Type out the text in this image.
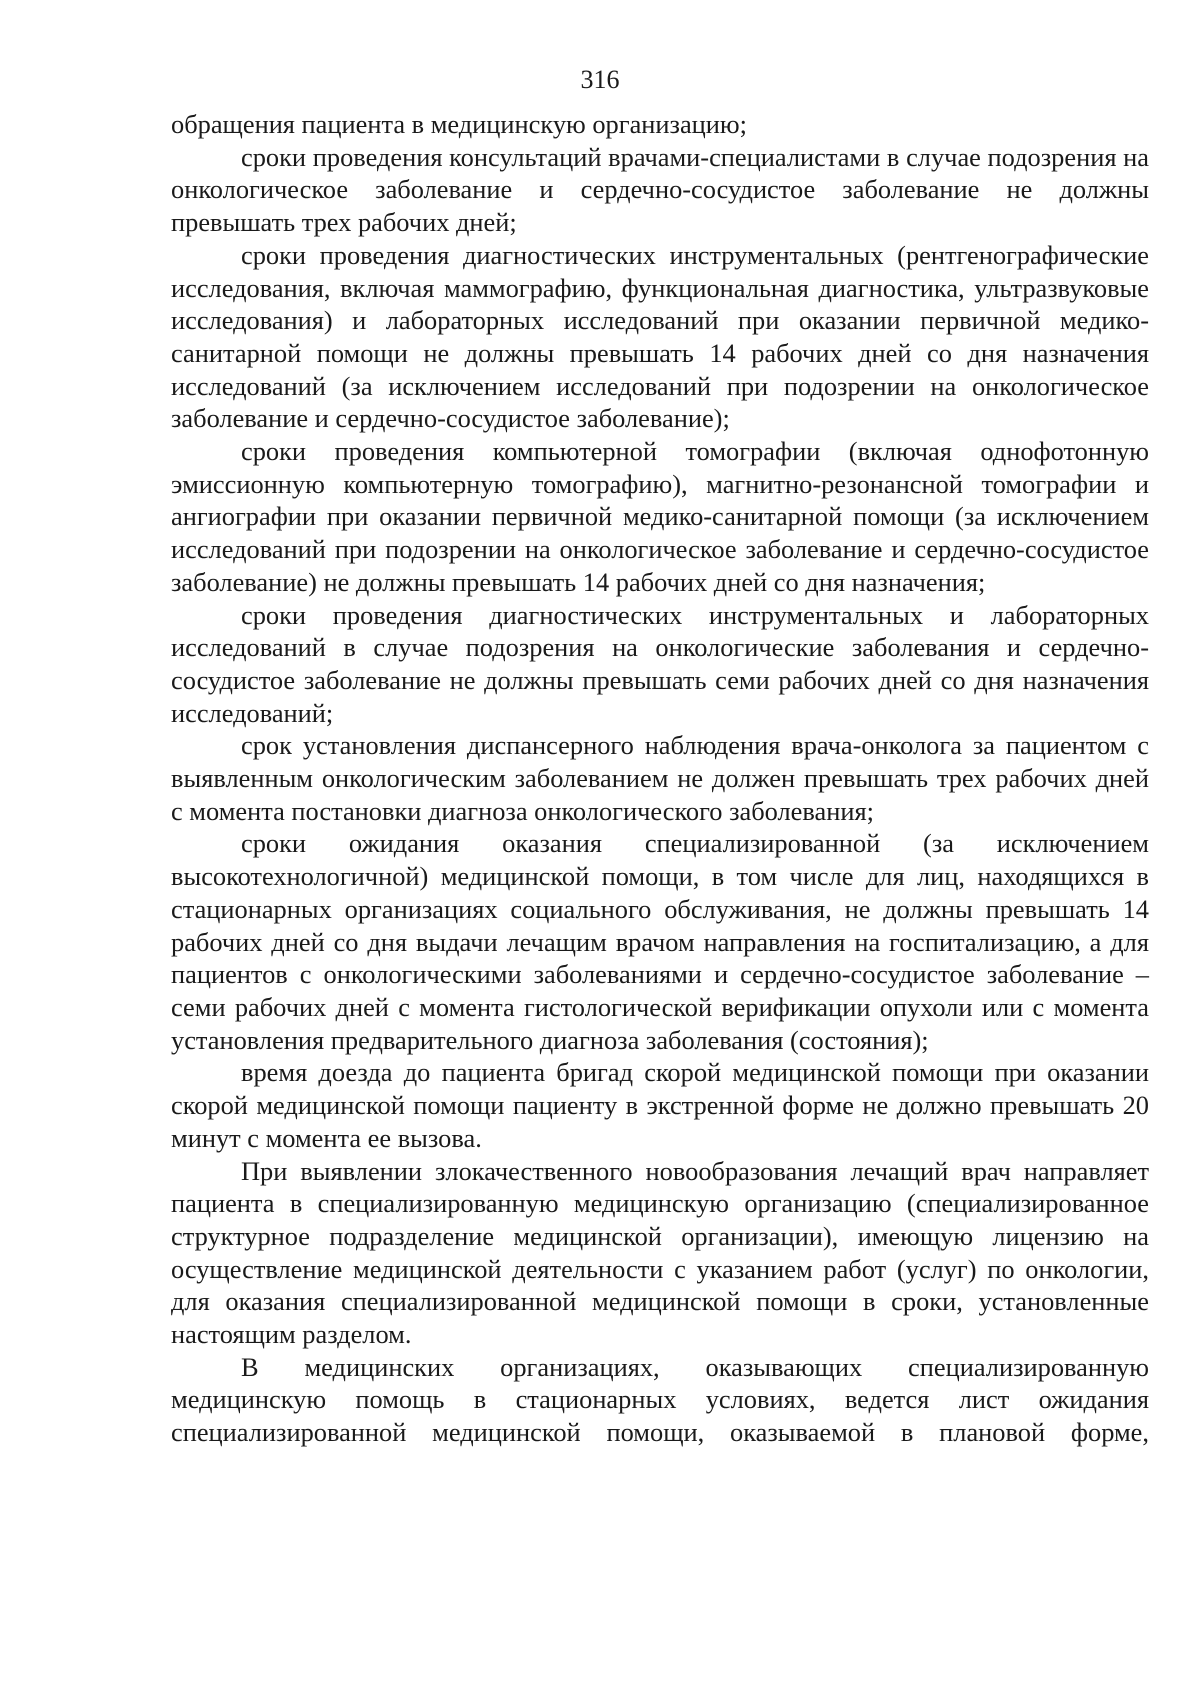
316

обращения пациента в медицинскую организацию;

сроки проведения консультаций врачами-специалистами в случае подозрения на онкологическое заболевание и сердечно-сосудистое заболевание не должны превышать трех рабочих дней;

сроки проведения диагностических инструментальных (рентгенографические исследования, включая маммографию, функциональная диагностика, ультразвуковые исследования) и лабораторных исследований при оказании первичной медико-санитарной помощи не должны превышать 14 рабочих дней со дня назначения исследований (за исключением исследований при подозрении на онкологическое заболевание и сердечно-сосудистое заболевание);

сроки проведения компьютерной томографии (включая однофотонную эмиссионную компьютерную томографию), магнитно-резонансной томографии и ангиографии при оказании первичной медико-санитарной помощи (за исключением исследований при подозрении на онкологическое заболевание и сердечно-сосудистое заболевание) не должны превышать 14 рабочих дней со дня назначения;

сроки проведения диагностических инструментальных и лабораторных исследований в случае подозрения на онкологические заболевания и сердечно-сосудистое заболевание не должны превышать семи рабочих дней со дня назначения исследований;

срок установления диспансерного наблюдения врача-онколога за пациентом с выявленным онкологическим заболеванием не должен превышать трех рабочих дней с момента постановки диагноза онкологического заболевания;

сроки ожидания оказания специализированной (за исключением высокотехнологичной) медицинской помощи, в том числе для лиц, находящихся в стационарных организациях социального обслуживания, не должны превышать 14 рабочих дней со дня выдачи лечащим врачом направления на госпитализацию, а для пациентов с онкологическими заболеваниями и сердечно-сосудистое заболевание – семи рабочих дней с момента гистологической верификации опухоли или с момента установления предварительного диагноза заболевания (состояния);

время доезда до пациента бригад скорой медицинской помощи при оказании скорой медицинской помощи пациенту в экстренной форме не должно превышать 20 минут с момента ее вызова.

При выявлении злокачественного новообразования лечащий врач направляет пациента в специализированную медицинскую организацию (специализированное структурное подразделение медицинской организации), имеющую лицензию на осуществление медицинской деятельности с указанием работ (услуг) по онкологии, для оказания специализированной медицинской помощи в сроки, установленные настоящим разделом.

В медицинских организациях, оказывающих специализированную медицинскую помощь в стационарных условиях, ведется лист ожидания специализированной медицинской помощи, оказываемой в плановой форме,
